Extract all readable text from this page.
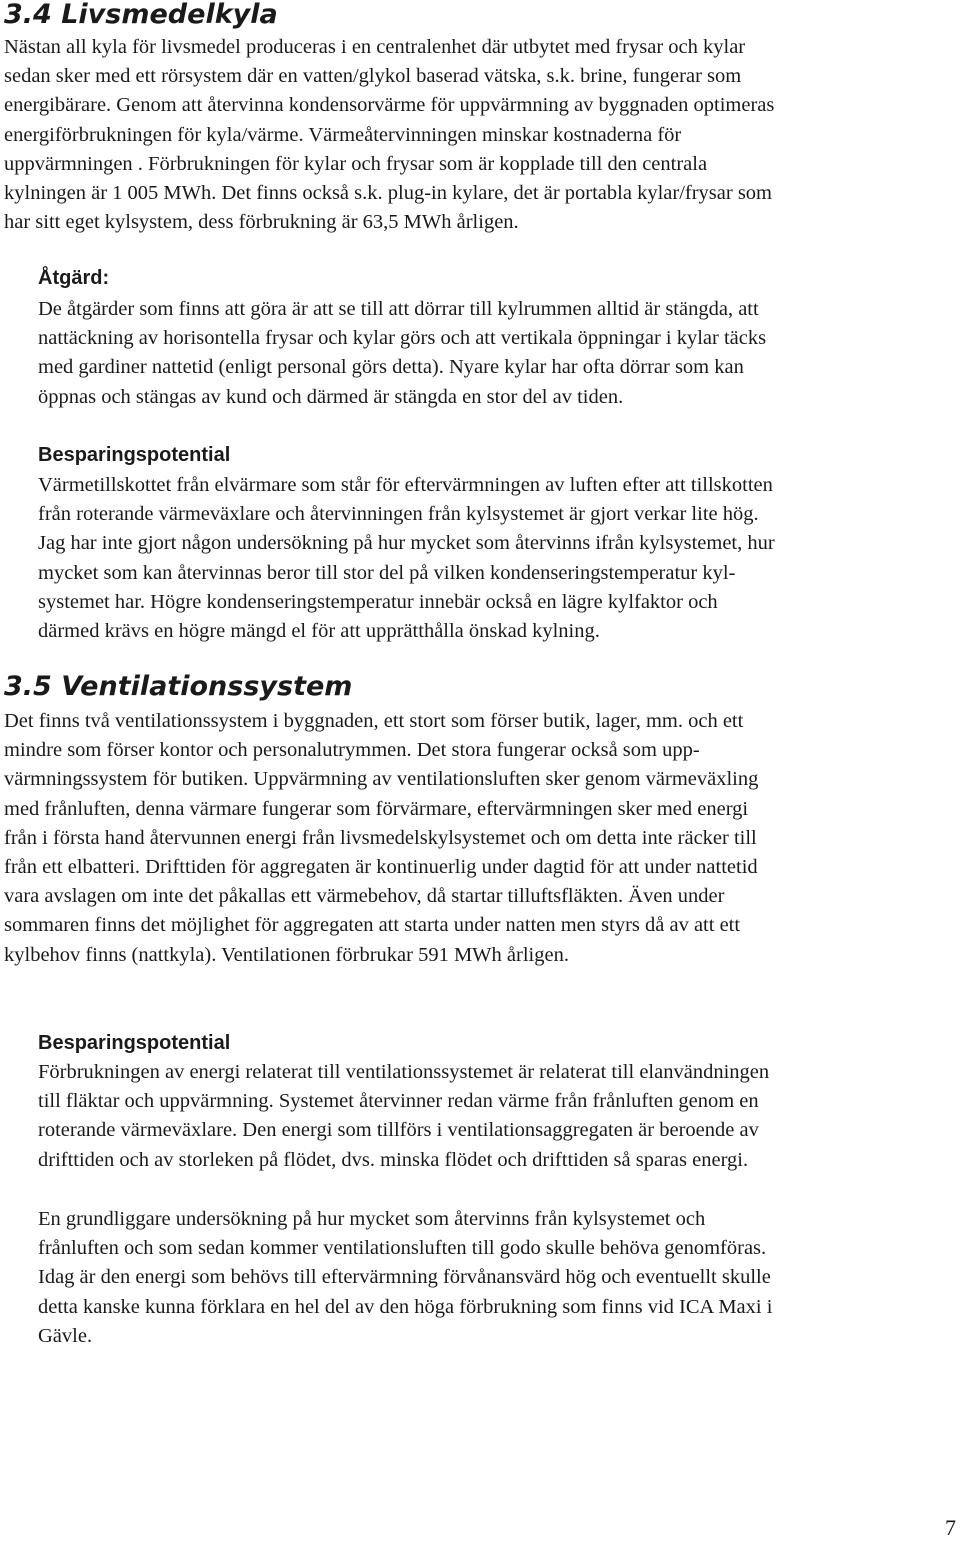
3.4 Livsmedelkyla
Nästan all kyla för livsmedel produceras i en centralenhet där utbytet med frysar och kylar
sedan sker med ett rörsystem där en vatten/glykol baserad vätska, s.k. brine, fungerar som
energibärare. Genom att återvinna kondensorvärme för uppvärmning av byggnaden optimeras
energiförbrukningen för kyla/värme. Värmeåtervinningen minskar kostnaderna för
uppvärmningen . Förbrukningen för kylar och frysar som är kopplade till den centrala
kylningen är 1 005 MWh. Det finns också s.k. plug-in kylare, det är portabla kylar/frysar som
har sitt eget kylsystem, dess förbrukning är 63,5 MWh årligen.
Åtgärd:
De åtgärder som finns att göra är att se till att dörrar till kylrummen alltid är stängda, att
nattäckning av horisontella frysar och kylar görs och att vertikala öppningar i kylar täcks
med gardiner nattetid (enligt personal görs detta). Nyare kylar har ofta dörrar som kan
öppnas och stängas av kund och därmed är stängda en stor del av tiden.
Besparingspotential
Värmetillskottet från elvärmare som står för eftervärmningen av luften efter att tillskotten
från roterande värmeväxlare och återvinningen från kylsystemet är gjort verkar lite hög.
Jag har inte gjort någon undersökning på hur mycket som återvinns ifrån kylsystemet, hur
mycket som kan återvinnas beror till stor del på vilken kondenseringstemperatur kyl-
systemet har. Högre kondenseringstemperatur innebär också en lägre kylfaktor och
därmed krävs en högre mängd el för att upprätthålla önskad kylning.
3.5 Ventilationssystem
Det finns två ventilationssystem i byggnaden, ett stort som förser butik, lager, mm. och ett
mindre som förser kontor och personalutrymmen. Det stora fungerar också som upp-
värmningssystem för butiken. Uppvärmning av ventilationsluften sker genom värmeväxling
med frånluften, denna värmare fungerar som förvärmare, eftervärmningen sker med energi
från i första hand återvunnen energi från livsmedelskylsystemet och om detta inte räcker till
från ett elbatteri. Drifttiden för aggregaten är kontinuerlig under dagtid för att under nattetid
vara avslagen om inte det påkallas ett värmebehov, då startar tilluftsfläkten. Även under
sommaren finns det möjlighet för aggregaten att starta under natten men styrs då av att ett
kylbehov finns (nattkyla). Ventilationen förbrukar 591 MWh årligen.
Besparingspotential
Förbrukningen av energi relaterat till ventilationssystemet är relaterat till elanvändningen
till fläktar och uppvärmning. Systemet återvinner redan värme från frånluften genom en
roterande värmeväxlare. Den energi som tillförs i ventilationsaggregaten är beroende av
drifttiden och av storleken på flödet, dvs. minska flödet och drifttiden så sparas energi.
En grundliggare undersökning på hur mycket som återvinns från kylsystemet och
frånluften och som sedan kommer ventilationsluften till godo skulle behöva genomföras.
Idag är den energi som behövs till eftervärmning förvånansvärd hög och eventuellt skulle
detta kanske kunna förklara en hel del av den höga förbrukning som finns vid ICA Maxi i
Gävle.
7
